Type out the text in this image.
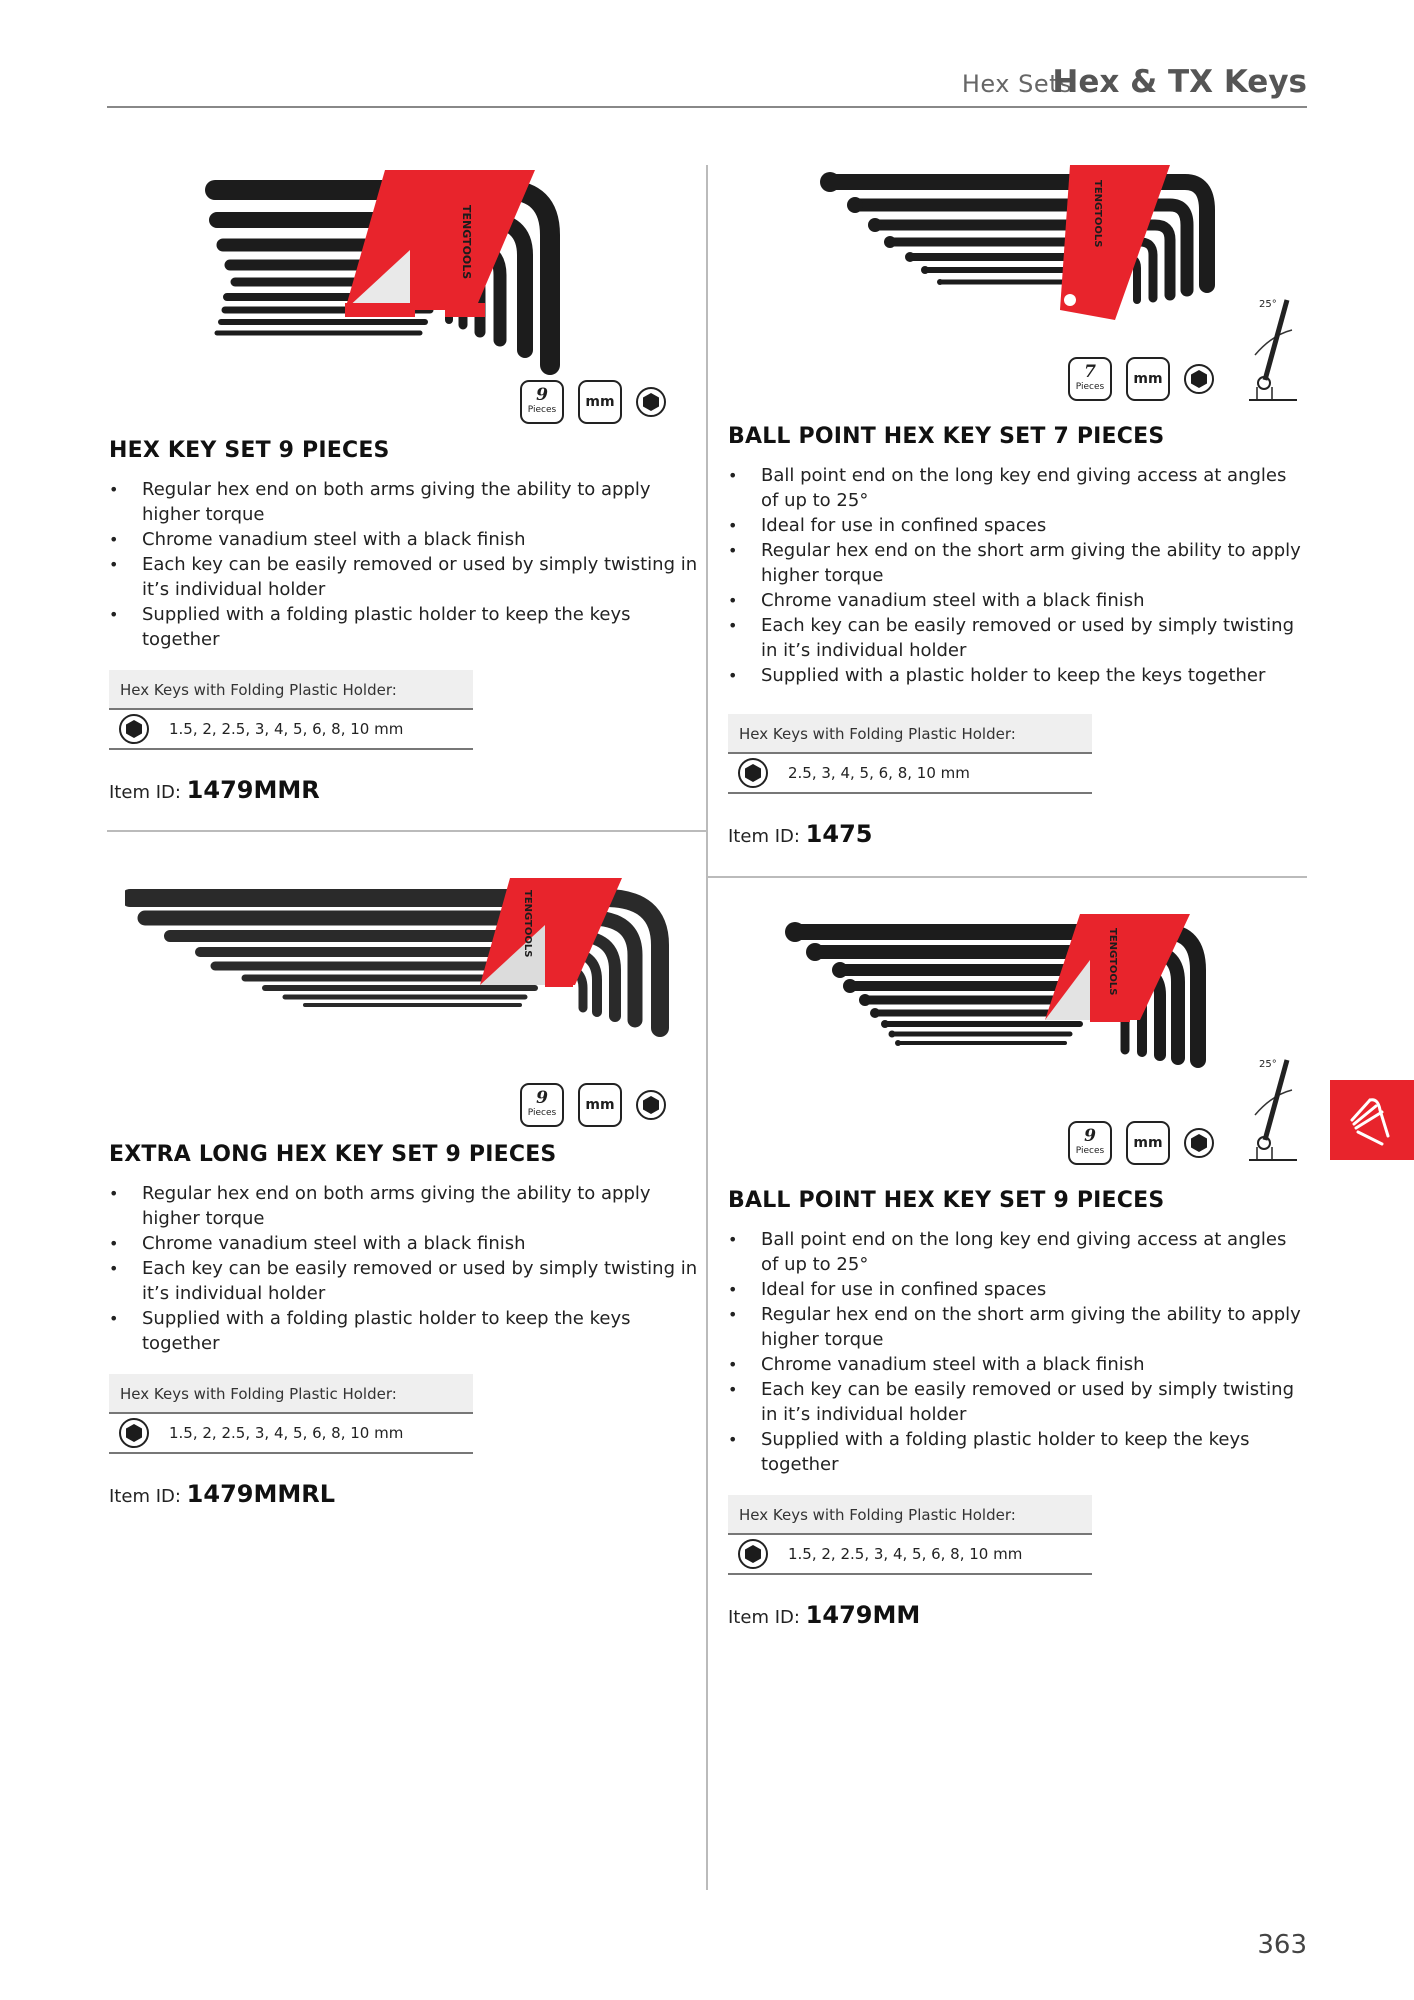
Hex Sets
Hex & TX Keys
TENGTOOLS
9
Pieces	mm
HEX KEY SET 9 PIECES
• Regular hex end on both arms giving the ability to apply higher torque
• Chrome vanadium steel with a black finish
• Each key can be easily removed or used by simply twisting in it’s individual holder
• Supplied with a folding plastic holder to keep the keys together
Hex Keys with Folding Plastic Holder:
1.5, 2, 2.5, 3, 4, 5, 6, 8, 10 mm
Item ID: 1479MMR
TENGTOOLS
25°
7
Pieces	mm
BALL POINT HEX KEY SET 7 PIECES
• Ball point end on the long key end giving access at angles of up to 25°
• Ideal for use in confined spaces
• Regular hex end on the short arm giving the ability to apply higher torque
• Chrome vanadium steel with a black finish
• Each key can be easily removed or used by simply twisting in it’s individual holder
• Supplied with a plastic holder to keep the keys together
Hex Keys with Folding Plastic Holder:
2.5, 3, 4, 5, 6, 8, 10 mm
Item ID: 1475
TENGTOOLS
9
Pieces	mm
EXTRA LONG HEX KEY SET 9 PIECES
• Regular hex end on both arms giving the ability to apply higher torque
• Chrome vanadium steel with a black finish
• Each key can be easily removed or used by simply twisting in it’s individual holder
• Supplied with a folding plastic holder to keep the keys together
Hex Keys with Folding Plastic Holder:
1.5, 2, 2.5, 3, 4, 5, 6, 8, 10 mm
Item ID: 1479MMRL
TENGTOOLS
25°
9
Pieces	mm
BALL POINT HEX KEY SET 9 PIECES
• Ball point end on the long key end giving access at angles of up to 25°
• Ideal for use in confined spaces
• Regular hex end on the short arm giving the ability to apply higher torque
• Chrome vanadium steel with a black finish
• Each key can be easily removed or used by simply twisting in it’s individual holder
• Supplied with a folding plastic holder to keep the keys together
Hex Keys with Folding Plastic Holder:
1.5, 2, 2.5, 3, 4, 5, 6, 8, 10 mm
Item ID: 1479MM
363
